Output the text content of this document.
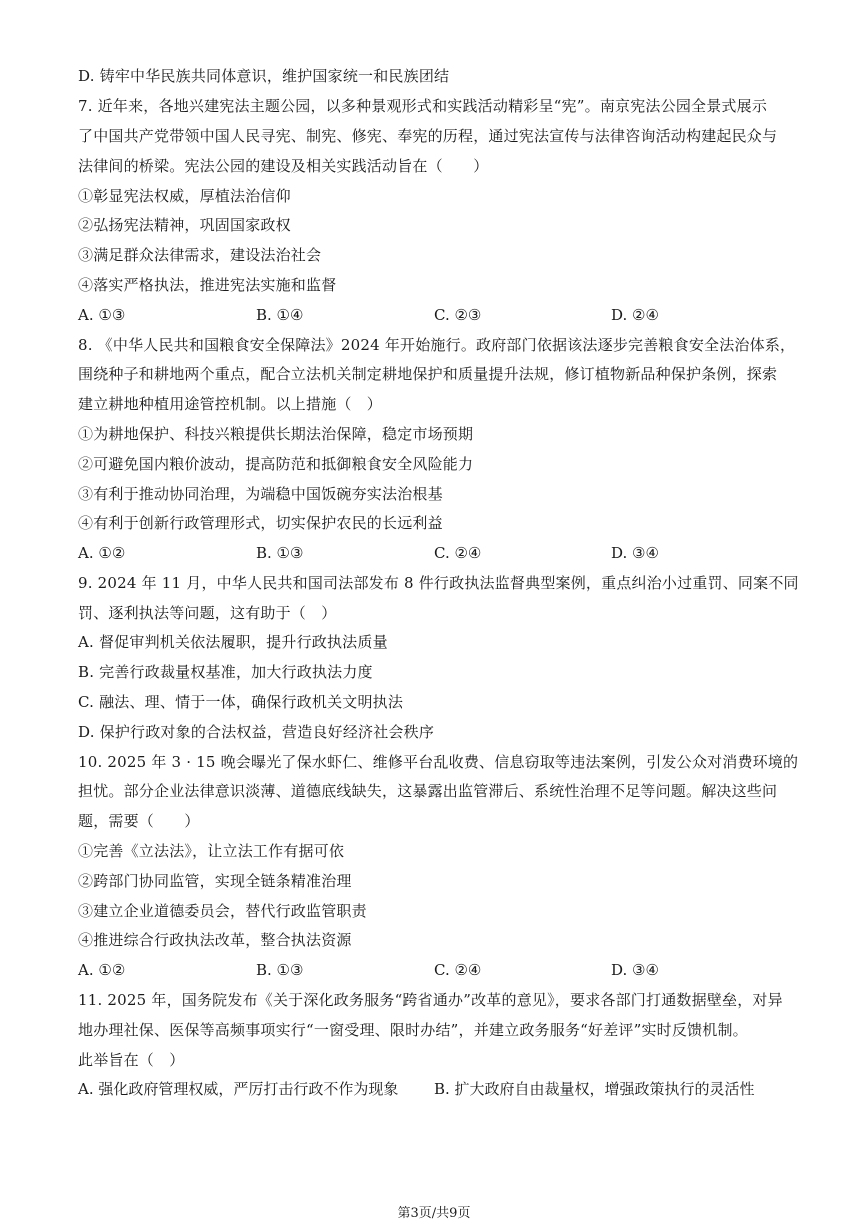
D. 铸牢中华民族共同体意识，维护国家统一和民族团结
7. 近年来，各地兴建宪法主题公园，以多种景观形式和实践活动精彩呈“宪”。南京宪法公园全景式展示
了中国共产党带领中国人民寻宪、制宪、修宪、奉宪的历程，通过宪法宣传与法律咨询活动构建起民众与
法律间的桥梁。宪法公园的建设及相关实践活动旨在（　　）
①彰显宪法权威，厚植法治信仰
②弘扬宪法精神，巩固国家政权
③满足群众法律需求，建设法治社会
④落实严格执法，推进宪法实施和监督
A. ①③	B. ①④	C. ②③	D. ②④
8. 《中华人民共和国粮食安全保障法》2024 年开始施行。政府部门依据该法逐步完善粮食安全法治体系，
围绕种子和耕地两个重点，配合立法机关制定耕地保护和质量提升法规，修订植物新品种保护条例，探索
建立耕地种植用途管控机制。以上措施（　）
①为耕地保护、科技兴粮提供长期法治保障，稳定市场预期
②可避免国内粮价波动，提高防范和抵御粮食安全风险能力
③有利于推动协同治理，为端稳中国饭碗夯实法治根基
④有利于创新行政管理形式，切实保护农民的长远利益
A. ①②	B. ①③	C. ②④	D. ③④
9. 2024 年 11 月，中华人民共和国司法部发布 8 件行政执法监督典型案例，重点纠治小过重罚、同案不同
罚、逐利执法等问题，这有助于（　）
A. 督促审判机关依法履职，提升行政执法质量
B. 完善行政裁量权基准，加大行政执法力度
C. 融法、理、情于一体，确保行政机关文明执法
D. 保护行政对象的合法权益，营造良好经济社会秩序
10. 2025 年 3 · 15 晚会曝光了保水虾仁、维修平台乱收费、信息窃取等违法案例，引发公众对消费环境的
担忧。部分企业法律意识淡薄、道德底线缺失，这暴露出监管滞后、系统性治理不足等问题。解决这些问
题，需要（　　）
①完善《立法法》，让立法工作有据可依
②跨部门协同监管，实现全链条精准治理
③建立企业道德委员会，替代行政监管职责
④推进综合行政执法改革，整合执法资源
A. ①②	B. ①③	C. ②④	D. ③④
11. 2025 年，国务院发布《关于深化政务服务“跨省通办”改革的意见》，要求各部门打通数据壁垒，对异
地办理社保、医保等高频事项实行“一窗受理、限时办结”，并建立政务服务“好差评”实时反馈机制。
此举旨在（　）
A. 强化政府管理权威，严厉打击行政不作为现象 B. 扩大政府自由裁量权，增强政策执行的灵活性
第3页/共9页
